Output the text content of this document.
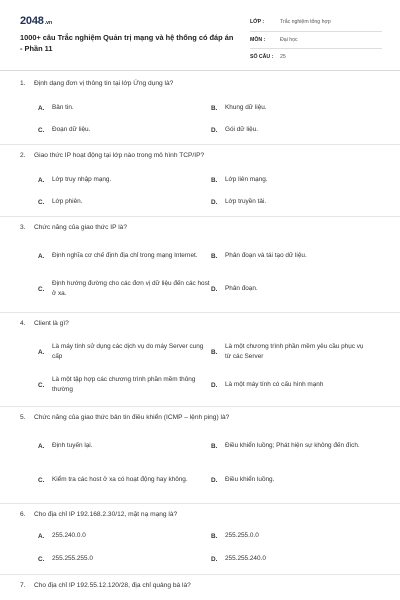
2048.vn
1000+ câu Trắc nghiệm Quản trị mạng và hệ thống có đáp án - Phần 11
LỚP :	Trắc nghiệm tổng hợp
MÔN :	Đại học
SỐ CÂU :	25
1. Định dạng đơn vị thông tin tại lớp Ứng dụng là?
A.	Bản tin.	B.	Khung dữ liệu.
C.	Đoạn dữ liệu.	D.	Gói dữ liệu.
2. Giao thức IP hoạt động tại lớp nào trong mô hình TCP/IP?
A.	Lớp truy nhập mạng.	B.	Lớp liên mạng.
C.	Lớp phiên.	D.	Lớp truyền tải.
3. Chức năng của giao thức IP là?
A.	Định nghĩa cơ chế định địa chỉ trong mạng Internet. B.	Phân đoạn và tái tạo dữ liệu.
C.
Định hướng đường cho các đơn vị dữ liệu đến các host ở xa.
D.	Phân đoạn.
4. Client là gì?
A.
Là máy tính sử dụng các dịch vụ do máy Server cung cấp
B.
Là một chương trình phần mềm yêu cầu phục vụ từ các Server
C.
Là một tập hợp các chương trình phần mềm thông thường
D.	Là một máy tính có cấu hình mạnh
5. Chức năng của giao thức bản tin điều khiển (ICMP – lệnh ping) là?
A.	Định tuyến lại.	B.	Điều khiển luồng; Phát hiện sự không đến đích.
C.	Kiểm tra các host ở xa có hoạt động hay không.	D.	Điều khiển luồng.
6. Cho địa chỉ IP 192.168.2.30/12, mặt nạ mạng là?
A.	255.240.0.0	B.	255.255.0.0
C.	255.255.255.0	D.	255.255.240.0
7. Cho địa chỉ IP 192.55.12.120/28, địa chỉ quảng bá là?
